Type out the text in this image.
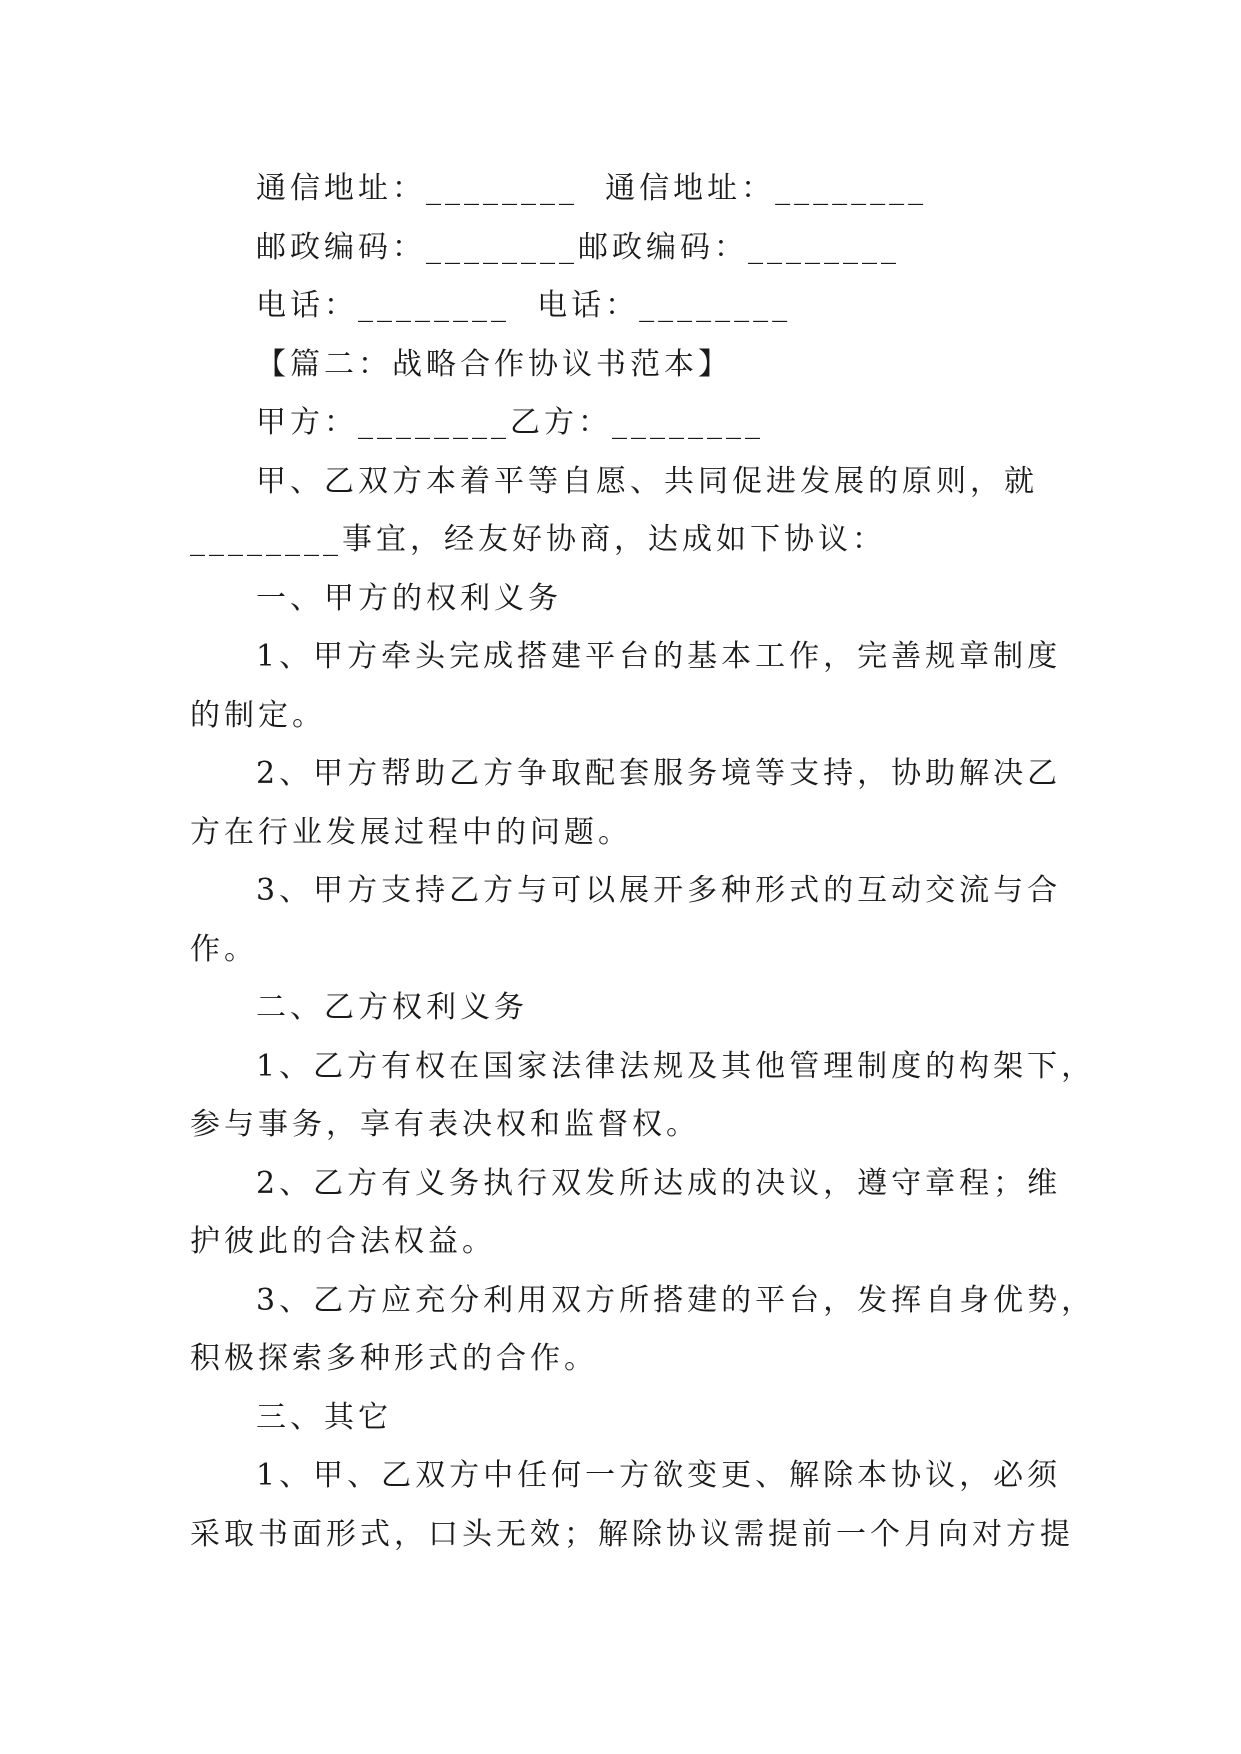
通信地址：________  通信地址：________
邮政编码：________邮政编码：________
电话：________  电话：________
【篇二：战略合作协议书范本】
甲方：________乙方：________
甲、乙双方本着平等自愿、共同促进发展的原则，就
________事宜，经友好协商，达成如下协议：
一、甲方的权利义务
1、甲方牵头完成搭建平台的基本工作，完善规章制度
的制定。
2、甲方帮助乙方争取配套服务境等支持，协助解决乙
方在行业发展过程中的问题。
3、甲方支持乙方与可以展开多种形式的互动交流与合
作。
二、乙方权利义务
1、乙方有权在国家法律法规及其他管理制度的构架下，
参与事务，享有表决权和监督权。
2、乙方有义务执行双发所达成的决议，遵守章程；维
护彼此的合法权益。
3、乙方应充分利用双方所搭建的平台，发挥自身优势，
积极探索多种形式的合作。
三、其它
1、甲、乙双方中任何一方欲变更、解除本协议，必须
采取书面形式，口头无效；解除协议需提前一个月向对方提
